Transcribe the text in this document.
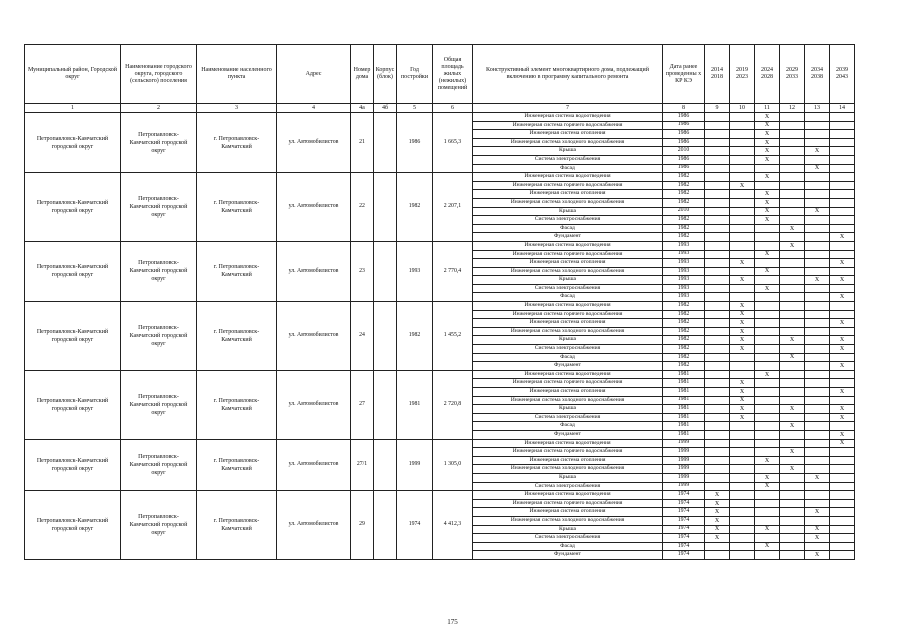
Муниципальный район, Городской округ	Наименование городского округа, городского (сельского) поселения	Наименование населенного пункта	Адрес	Номер дома	Корпус (блок)	Год постройки	Общая площадь жилых (нежилых) помещений	Конструктивный элемент многоквартирного дома, подлежащий включению в программу капитального ремонта	Дата ранее проведенны х КР КЭ	2014 2018	2019 2023	2024 2028	2029 2033	2034 2038	2039 2043
1	2	3	4	4а	4б	5	6	7	8	9	10	11	12	13	14
Петропавловск-Камчатский городской округ	Петропавловск-Камчатский городской округ	г. Петропавловск-Камчатский	ул. Автомобилистов	21		1986	1 665,3	Инженерная система водоотведения	1986			X			
								Инженерная система горячего водоснабжения	1986			X			
								Инженерная система отопления	1986			X			
								Инженерная система холодного водоснабжения	1986			X			
								Крыша	2010			X		X	
								Система электроснабжения	1986			X			
								Фасад	1986					X	
Петропавловск-Камчатский городской округ	Петропавловск-Камчатский городской округ	г. Петропавловск-Камчатский	ул. Автомобилистов	22		1982	2 207,1	Инженерная система водоотведения	1982			X			
								Инженерная система горячего водоснабжения	1982		X				
								Инженерная система отопления	1982			X			
								Инженерная система холодного водоснабжения	1982			X			
								Крыша	2010			X		X	
								Система электроснабжения	1982			X			
								Фасад	1982				X		
								Фундамент	1982						X
Петропавловск-Камчатский городской округ	Петропавловск-Камчатский городской округ	г. Петропавловск-Камчатский	ул. Автомобилистов	23		1993	2 770,4	Инженерная система водоотведения	1993				X		
								Инженерная система горячего водоснабжения	1993			X			
								Инженерная система отопления	1993		X				X
								Инженерная система холодного водоснабжения	1993			X			
								Крыша	1993		X			X	X
								Система электроснабжения	1993			X			
								Фасад	1993						X
Петропавловск-Камчатский городской округ	Петропавловск-Камчатский городской округ	г. Петропавловск-Камчатский	ул. Автомобилистов	24		1982	1 455,2	Инженерная система водоотведения	1982		X				
								Инженерная система горячего водоснабжения	1982		X				
								Инженерная система отопления	1982		X				X
								Инженерная система холодного водоснабжения	1982		X				
								Крыша	1982		X		X		X
								Система электроснабжения	1982		X				X
								Фасад	1982				X		
								Фундамент	1982						X
Петропавловск-Камчатский городской округ	Петропавловск-Камчатский городской округ	г. Петропавловск-Камчатский	ул. Автомобилистов	27		1981	2 720,8	Инженерная система водоотведения	1981			X			
								Инженерная система горячего водоснабжения	1981		X				
								Инженерная система отопления	1981		X				X
								Инженерная система холодного водоснабжения	1981		X				
								Крыша	1981		X		X		X
								Система электроснабжения	1981		X				X
								Фасад	1981				X		
								Фундамент	1981						X
Петропавловск-Камчатский городской округ	Петропавловск-Камчатский городской округ	г. Петропавловск-Камчатский	ул. Автомобилистов	27/1		1999	1 305,0	Инженерная система водоотведения	1999						X
								Инженерная система горячего водоснабжения	1999				X		
								Инженерная система отопления	1999			X			
								Инженерная система холодного водоснабжения	1999				X		
								Крыша	1999			X		X	
								Система электроснабжения	1999			X			
Петропавловск-Камчатский городской округ	Петропавловск-Камчатский городской округ	г. Петропавловск-Камчатский	ул. Автомобилистов	29		1974	4 412,3	Инженерная система водоотведения	1974	X					
								Инженерная система горячего водоснабжения	1974	X					
								Инженерная система отопления	1974	X				X	
								Инженерная система холодного водоснабжения	1974	X					
								Крыша	1974	X		X		X	
								Система электроснабжения	1974	X				X	
								Фасад	1974			X			
								Фундамент	1974					X	
175
